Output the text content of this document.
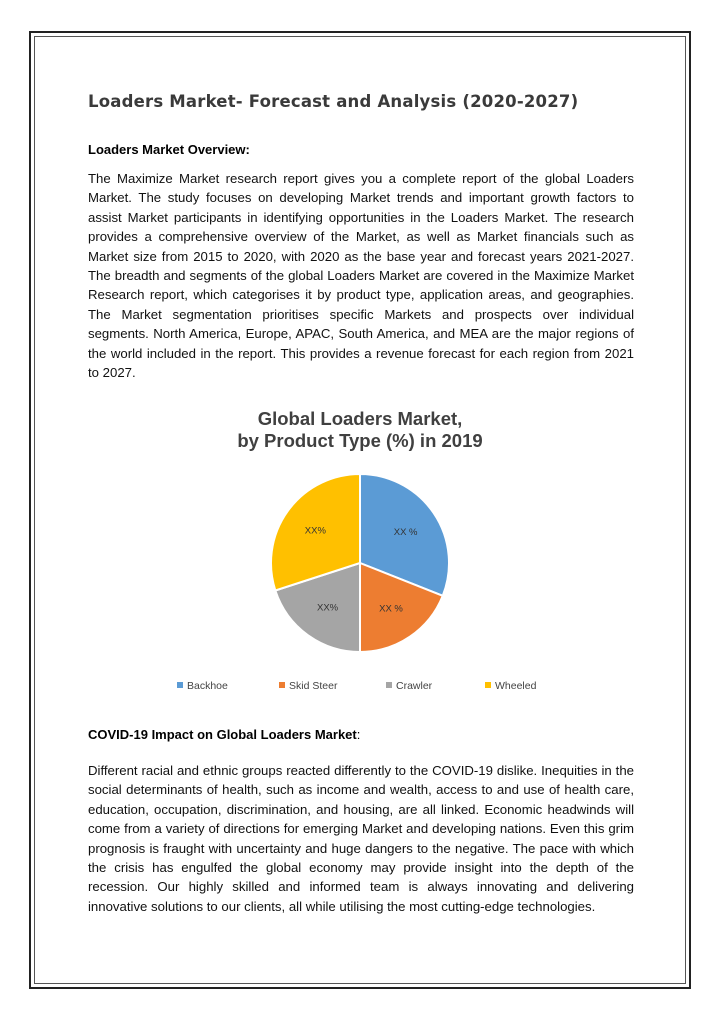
Loaders Market- Forecast and Analysis (2020-2027)
Loaders Market Overview:

The Maximize Market research report gives you a complete report of the global Loaders Market. The study focuses on developing Market trends and important growth factors to assist Market participants in identifying opportunities in the Loaders Market. The research provides a comprehensive overview of the Market, as well as Market financials such as Market size from 2015 to 2020, with 2020 as the base year and forecast years 2021-2027. The breadth and segments of the global Loaders Market are covered in the Maximize Market Research report, which categorises it by product type, application areas, and geographies. The Market segmentation prioritises specific Markets and prospects over individual segments. North America, Europe, APAC, South America, and MEA are the major regions of the world included in the report. This provides a revenue forecast for each region from 2021 to 2027.

Global Loaders Market,
by Product Type (%) in 2019
XX %
XX %
XX%
XX%
Backhoe	Skid Steer	Crawler	Wheeled

COVID-19 Impact on Global Loaders Market:

Different racial and ethnic groups reacted differently to the COVID-19 dislike. Inequities in the social determinants of health, such as income and wealth, access to and use of health care, education, occupation, discrimination, and housing, are all linked. Economic headwinds will come from a variety of directions for emerging Market and developing nations. Even this grim prognosis is fraught with uncertainty and huge dangers to the negative. The pace with which the crisis has engulfed the global economy may provide insight into the depth of the recession. Our highly skilled and informed team is always innovating and delivering innovative solutions to our clients, all while utilising the most cutting-edge technologies.
